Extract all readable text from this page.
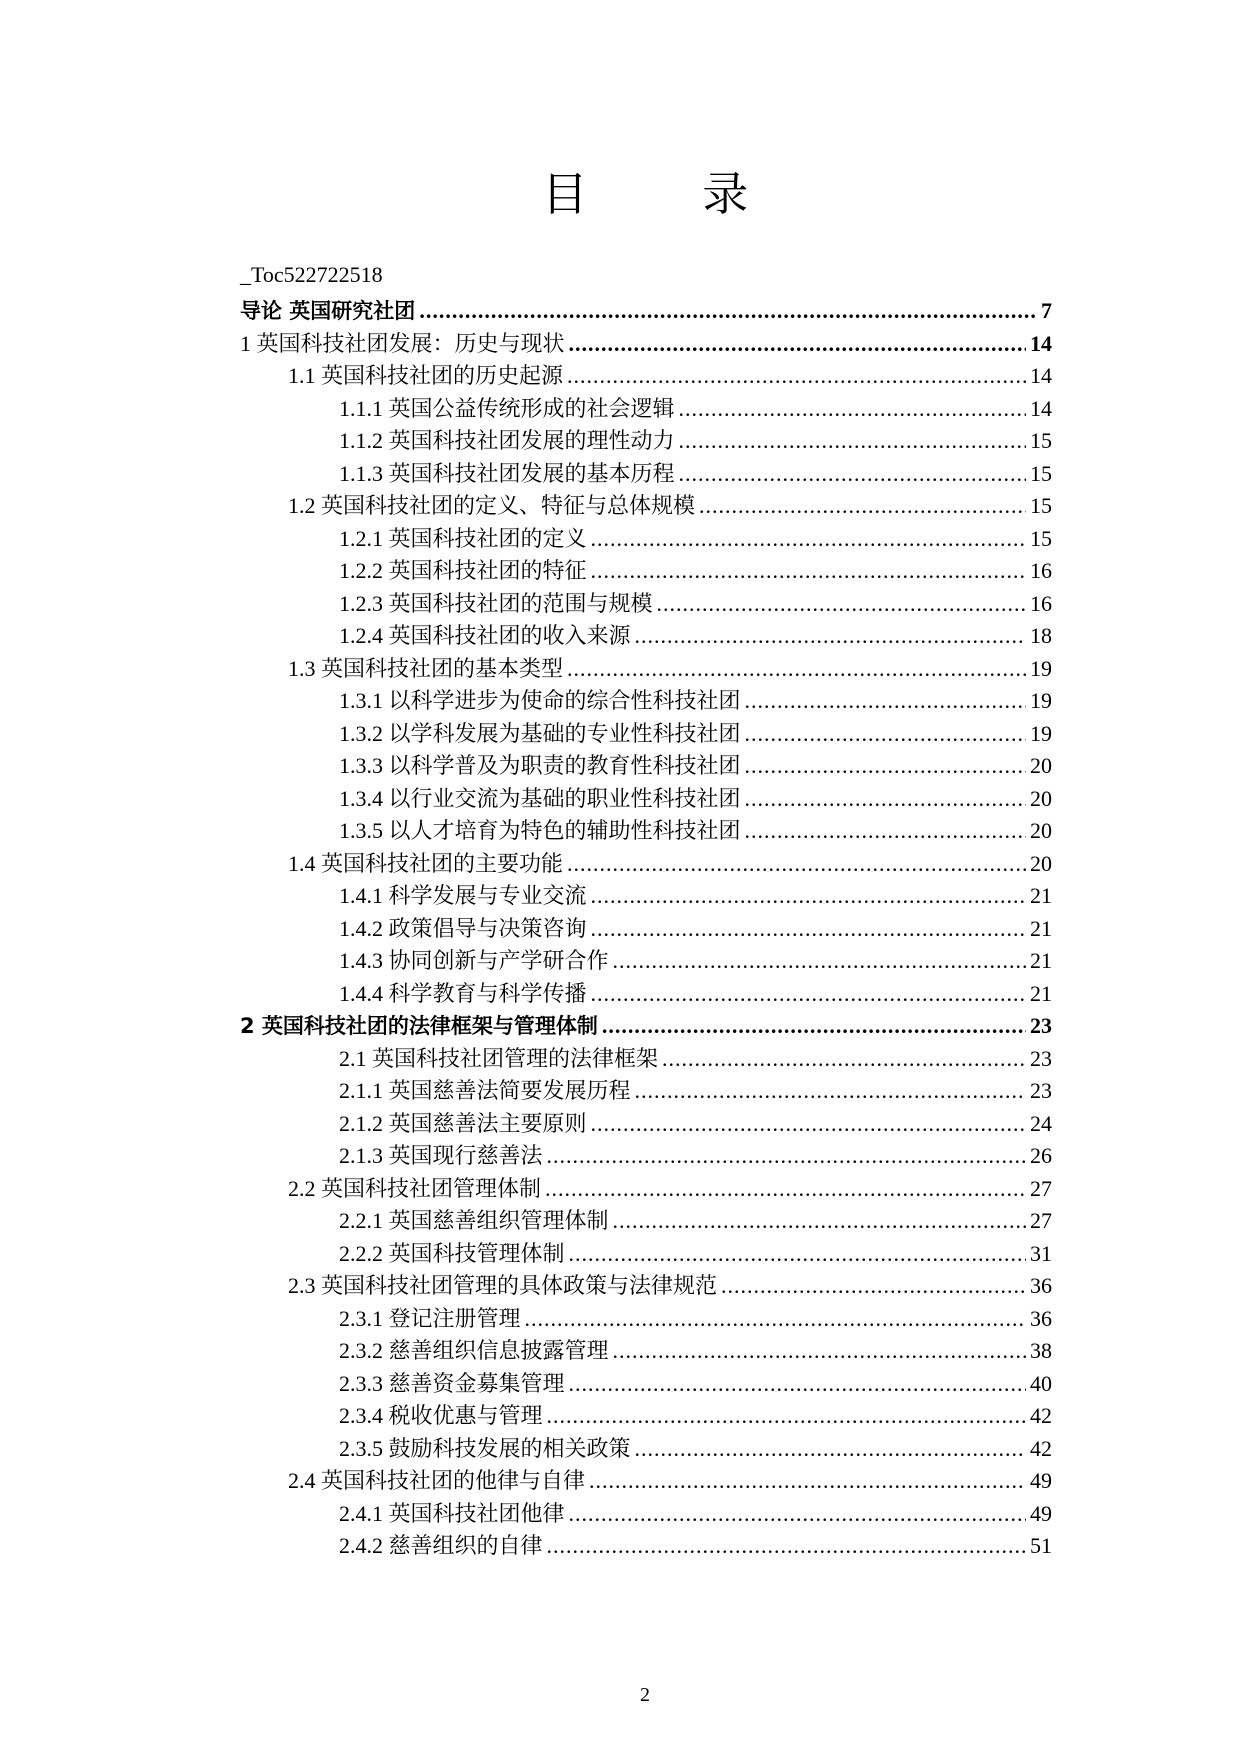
目 录
_Toc522722518
导论 英国研究社团 .....	7
1 英国科技社团发展：历史与现状 .....	14
1.1 英国科技社团的历史起源 .....	14
1.1.1 英国公益传统形成的社会逻辑 .....	14
1.1.2 英国科技社团发展的理性动力 .....	15
1.1.3 英国科技社团发展的基本历程 .....	15
1.2 英国科技社团的定义、特征与总体规模 .....	15
1.2.1 英国科技社团的定义 .....	15
1.2.2 英国科技社团的特征 .....	16
1.2.3 英国科技社团的范围与规模 .....	16
1.2.4 英国科技社团的收入来源 .....	18
1.3 英国科技社团的基本类型 .....	19
1.3.1 以科学进步为使命的综合性科技社团 .....	19
1.3.2 以学科发展为基础的专业性科技社团 .....	19
1.3.3 以科学普及为职责的教育性科技社团 .....	20
1.3.4 以行业交流为基础的职业性科技社团 .....	20
1.3.5 以人才培育为特色的辅助性科技社团 .....	20
1.4 英国科技社团的主要功能 .....	20
1.4.1 科学发展与专业交流 .....	21
1.4.2 政策倡导与决策咨询 .....	21
1.4.3 协同创新与产学研合作 .....	21
1.4.4 科学教育与科学传播 .....	21
2 英国科技社团的法律框架与管理体制 .....	23
2.1 英国科技社团管理的法律框架 .....	23
2.1.1 英国慈善法简要发展历程 .....	23
2.1.2 英国慈善法主要原则 .....	24
2.1.3 英国现行慈善法 .....	26
2.2 英国科技社团管理体制 .....	27
2.2.1 英国慈善组织管理体制 .....	27
2.2.2 英国科技管理体制 .....	31
2.3 英国科技社团管理的具体政策与法律规范 .....	36
2.3.1 登记注册管理 .....	36
2.3.2 慈善组织信息披露管理 .....	38
2.3.3 慈善资金募集管理 .....	40
2.3.4 税收优惠与管理 .....	42
2.3.5 鼓励科技发展的相关政策 .....	42
2.4 英国科技社团的他律与自律 .....	49
2.4.1 英国科技社团他律 .....	49
2.4.2 慈善组织的自律 .....	51
2
